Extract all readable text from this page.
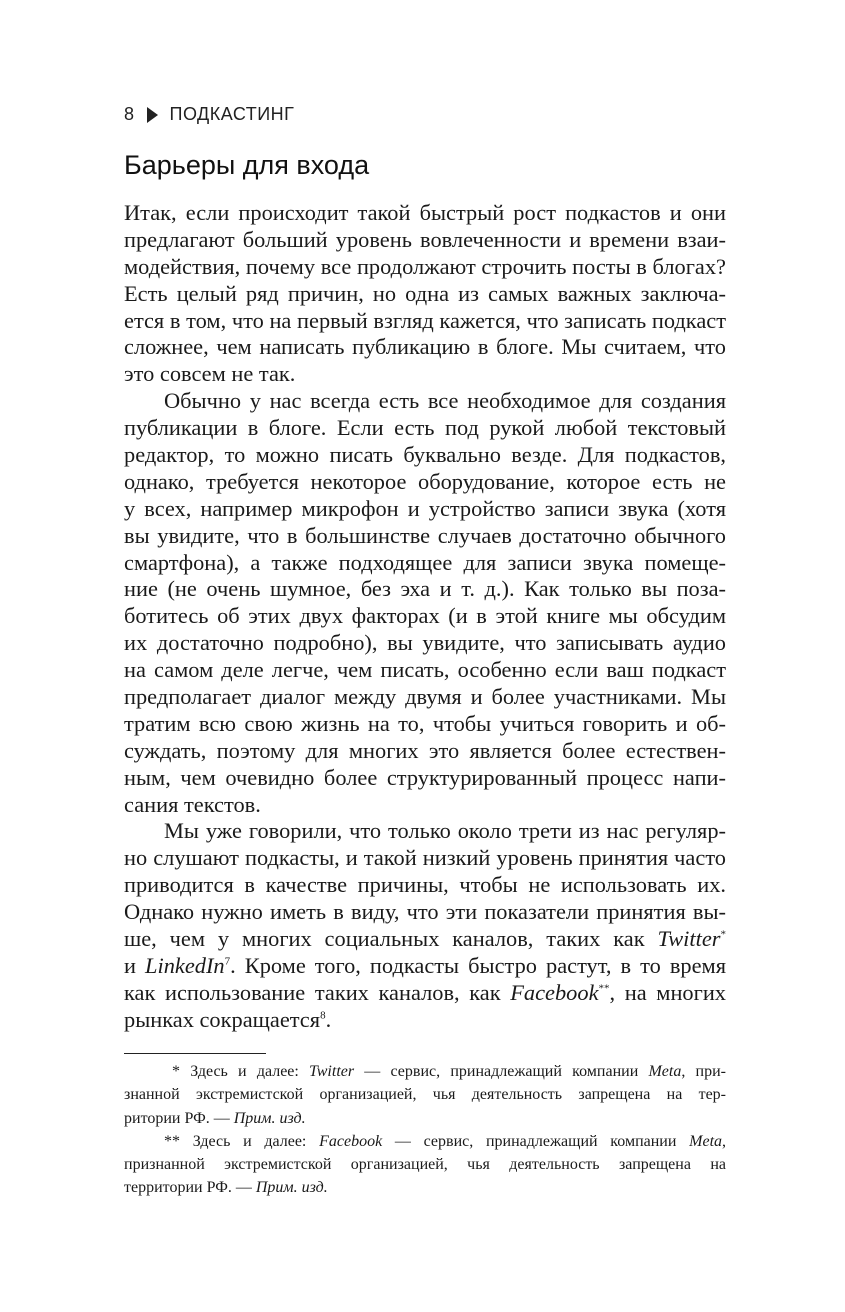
8 ПОДКАСТИНГ
Барьеры для входа
Итак, если происходит такой быстрый рост подкастов и они
предлагают больший уровень вовлеченности и времени взаи-
модействия, почему все продолжают строчить посты в блогах?
Есть целый ряд причин, но одна из самых важных заключа-
ется в том, что на первый взгляд кажется, что записать подкаст
сложнее, чем написать публикацию в блоге. Мы считаем, что
это совсем не так.
Обычно у нас всегда есть все необходимое для создания
публикации в блоге. Если есть под рукой любой текстовый
редактор, то можно писать буквально везде. Для подкастов,
однако, требуется некоторое оборудование, которое есть не
у всех, например микрофон и устройство записи звука (хотя
вы увидите, что в большинстве случаев достаточно обычного
смартфона), а также подходящее для записи звука помеще-
ние (не очень шумное, без эха и т. д.). Как только вы поза-
ботитесь об этих двух факторах (и в этой книге мы обсудим
их достаточно подробно), вы увидите, что записывать аудио
на самом деле легче, чем писать, особенно если ваш подкаст
предполагает диалог между двумя и более участниками. Мы
тратим всю свою жизнь на то, чтобы учиться говорить и об-
суждать, поэтому для многих это является более естествен-
ным, чем очевидно более структурированный процесс напи-
сания текстов.
Мы уже говорили, что только около трети из нас регуляр-
но слушают подкасты, и такой низкий уровень принятия часто
приводится в качестве причины, чтобы не использовать их.
Однако нужно иметь в виду, что эти показатели принятия вы-
ше, чем у многих социальных каналов, таких как Twitter*
и LinkedIn$^7$. Кроме того, подкасты быстро растут, в то время
как использование таких каналов, как Facebook**, на многих
рынках сокращается$^8$.
* Здесь и далее: Twitter — сервис, принадлежащий компании Meta, при-
знанной экстремистской организацией, чья деятельность запрещена на тер-
ритории РФ. — Прим. изд.
** Здесь и далее: Facebook — сервис, принадлежащий компании Meta,
признанной экстремистской организацией, чья деятельность запрещена на
территории РФ. — Прим. изд.
